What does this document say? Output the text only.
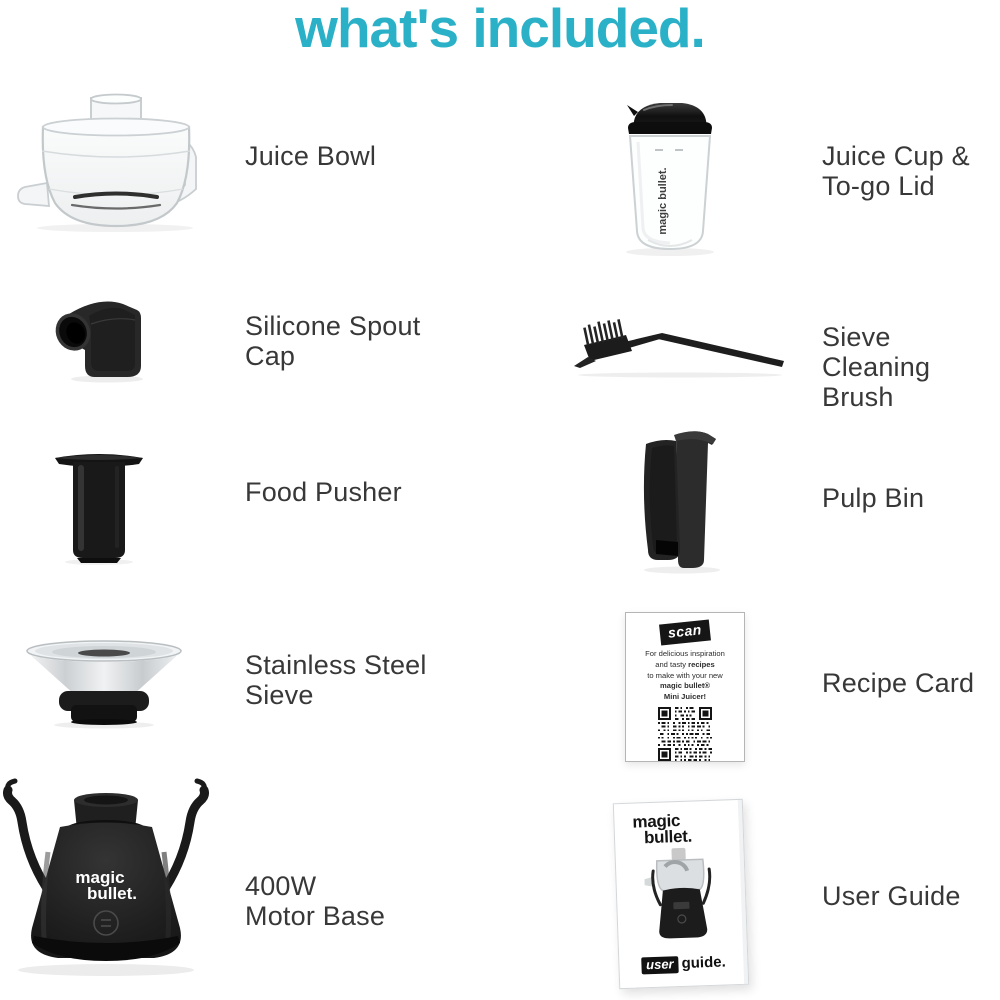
what's included.
Juice Bowl
Silicone Spout
Cap
Food Pusher
Stainless Steel
Sieve
magic
bullet.	400W
Motor Base
magic bullet.
Juice Cup &
To-go Lid
Sieve Cleaning
Brush
Pulp Bin
scan
For delicious inspiration
and tasty recipes
to make with your new
magic bullet®
Mini Juicer!	Recipe Card
magic
bullet.
user guide.
User Guide
